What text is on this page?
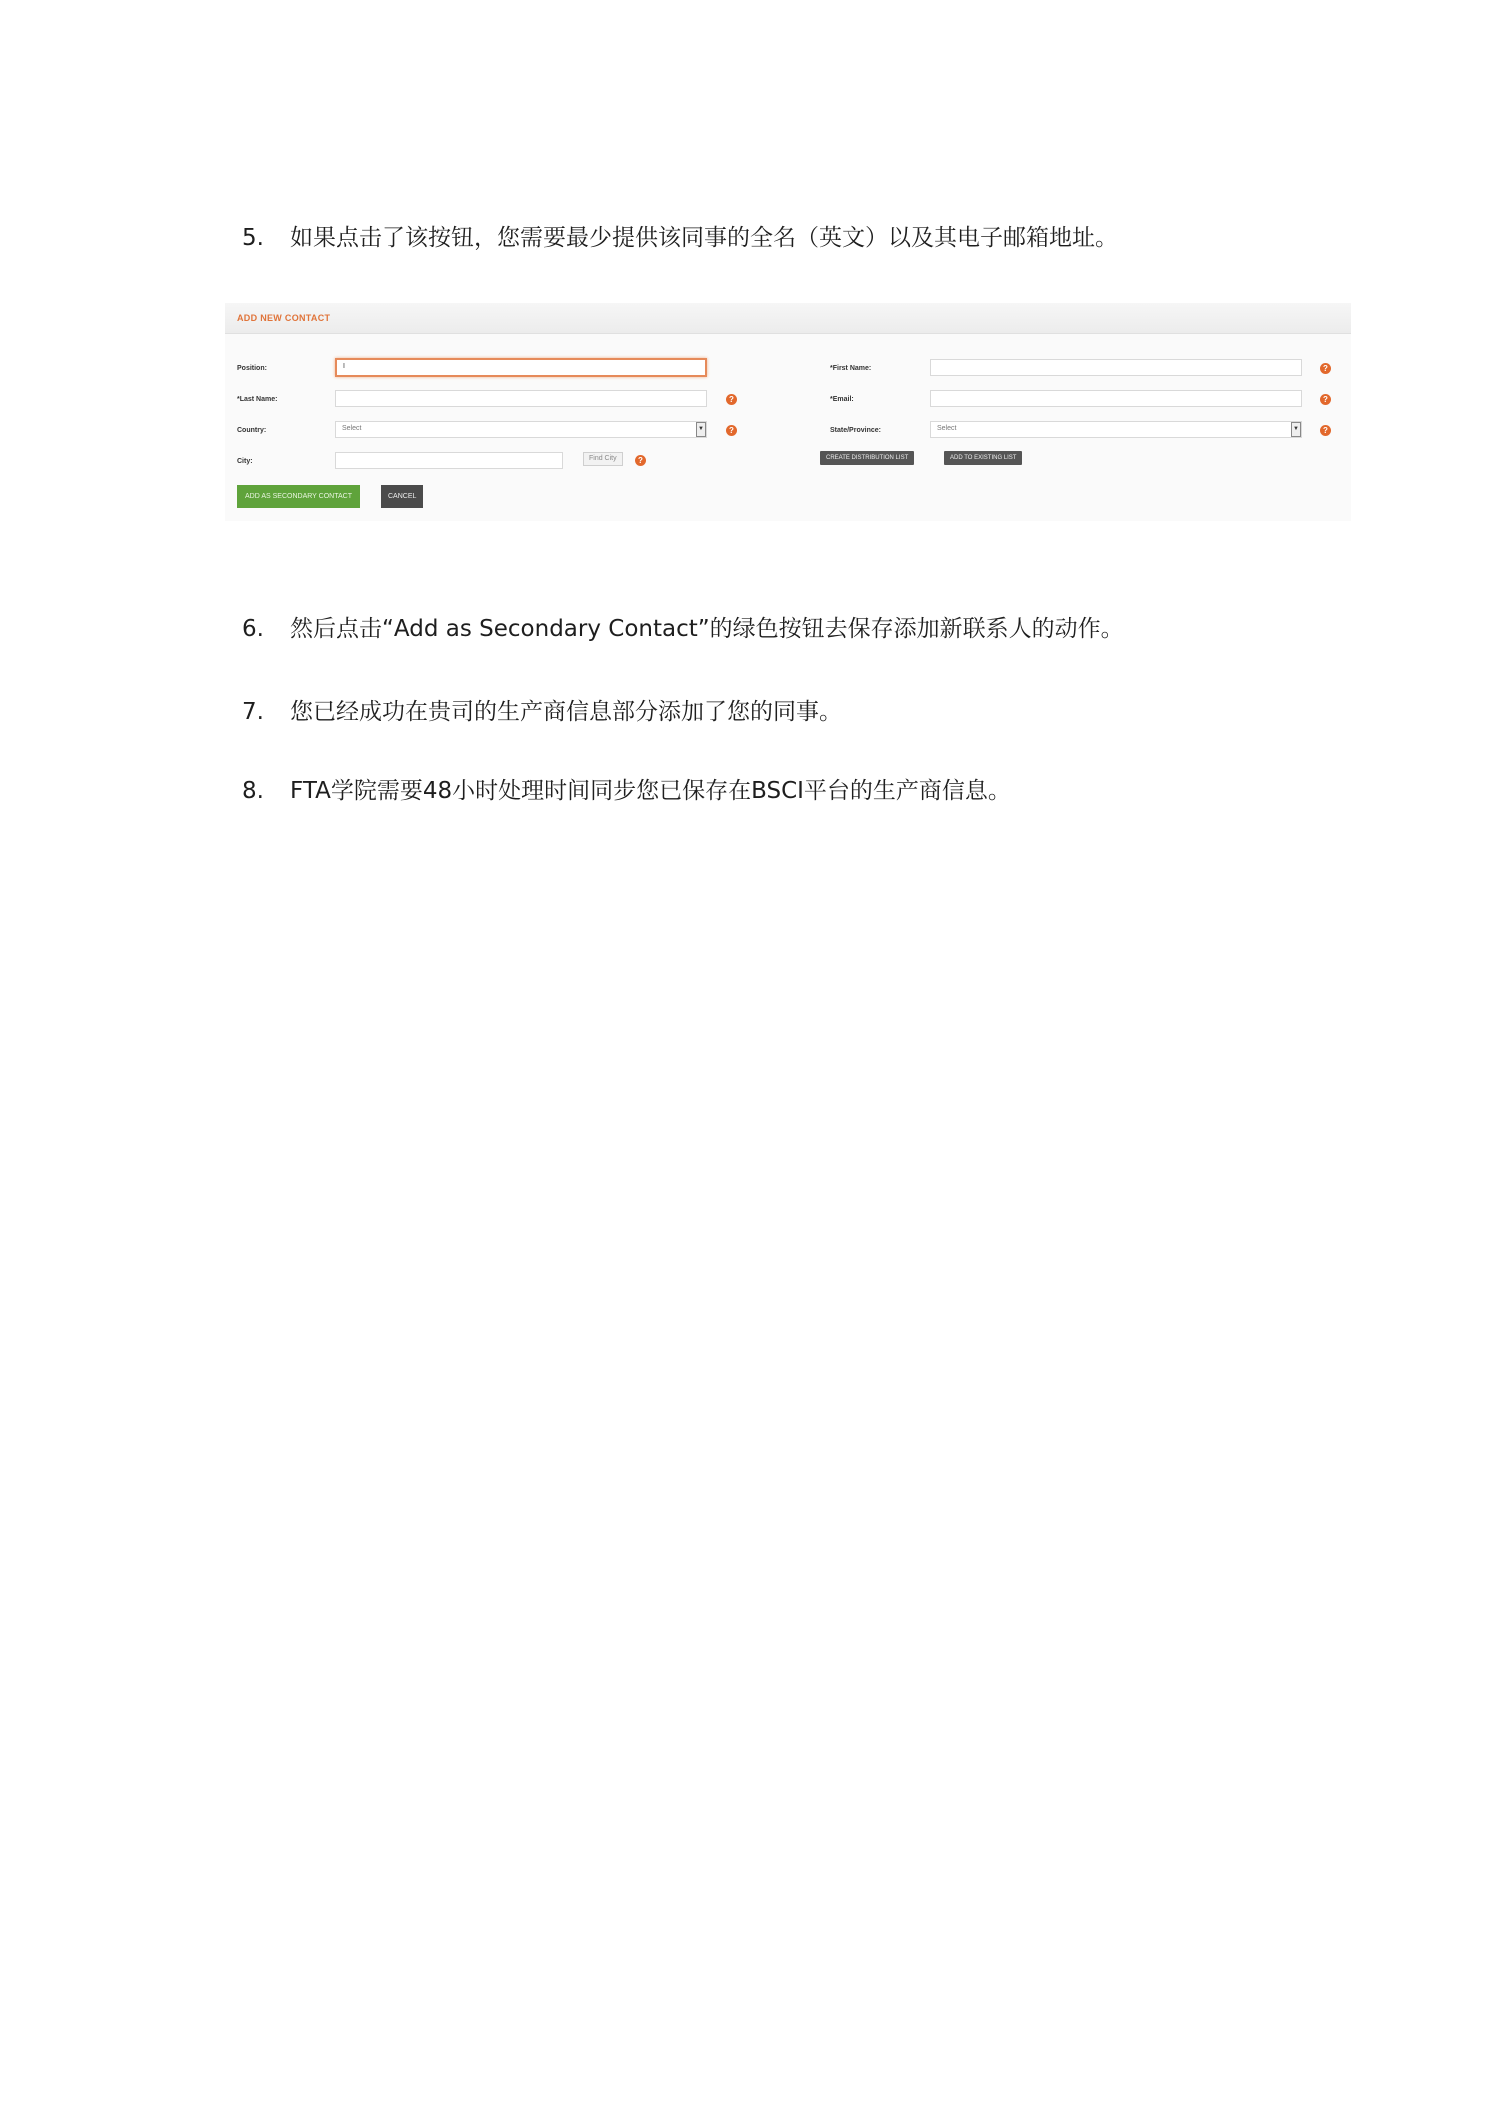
5. 如果点击了该按钮，您需要最少提供该同事的全名（英文）以及其电子邮箱地址。
ADD NEW CONTACT
Position:	I	*First Name:	?
*Last Name:	?	*Email:	?
Country:	Select	▼	?	State/Province:	Select	▼	?
City:	Find City	?	CREATE DISTRIBUTION LIST	ADD TO EXISTING LIST
ADD AS SECONDARY CONTACT	CANCEL
6. 然后点击“Add as Secondary Contact”的绿色按钮去保存添加新联系人的动作。
7. 您已经成功在贵司的生产商信息部分添加了您的同事。
8. FTA学院需要48小时处理时间同步您已保存在BSCI平台的生产商信息。
